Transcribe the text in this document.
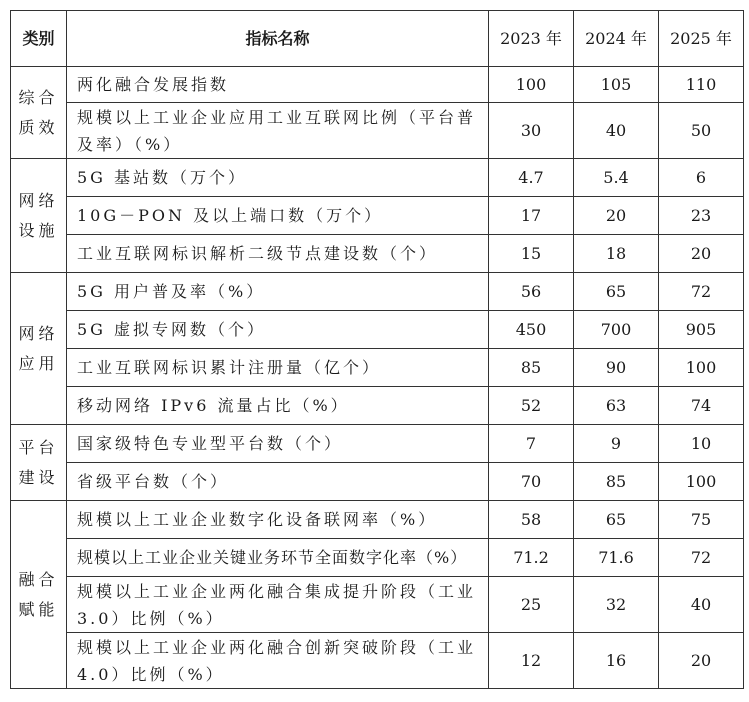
类别	指标名称	2023 年	2024 年	2025 年
综合质效	两化融合发展指数	100	105	110
	规模以上工业企业应用工业互联网比例（平台普及率）（%）	30	40	50
网络设施	5G 基站数（万个）	4.7	5.4	6
	10G－PON 及以上端口数（万个）	17	20	23
	工业互联网标识解析二级节点建设数（个）	15	18	20
网络应用	5G 用户普及率（%）	56	65	72
	5G 虚拟专网数（个）	450	700	905
	工业互联网标识累计注册量（亿个）	85	90	100
	移动网络 IPv6 流量占比（%）	52	63	74
平台建设	国家级特色专业型平台数（个）	7	9	10
	省级平台数（个）	70	85	100
融合赋能	规模以上工业企业数字化设备联网率（%）	58	65	75
	规模以上工业企业关键业务环节全面数字化率（%）	71.2	71.6	72
	规模以上工业企业两化融合集成提升阶段（工业 3.0）比例（%）	25	32	40
	规模以上工业企业两化融合创新突破阶段（工业 4.0）比例（%）	12	16	20
